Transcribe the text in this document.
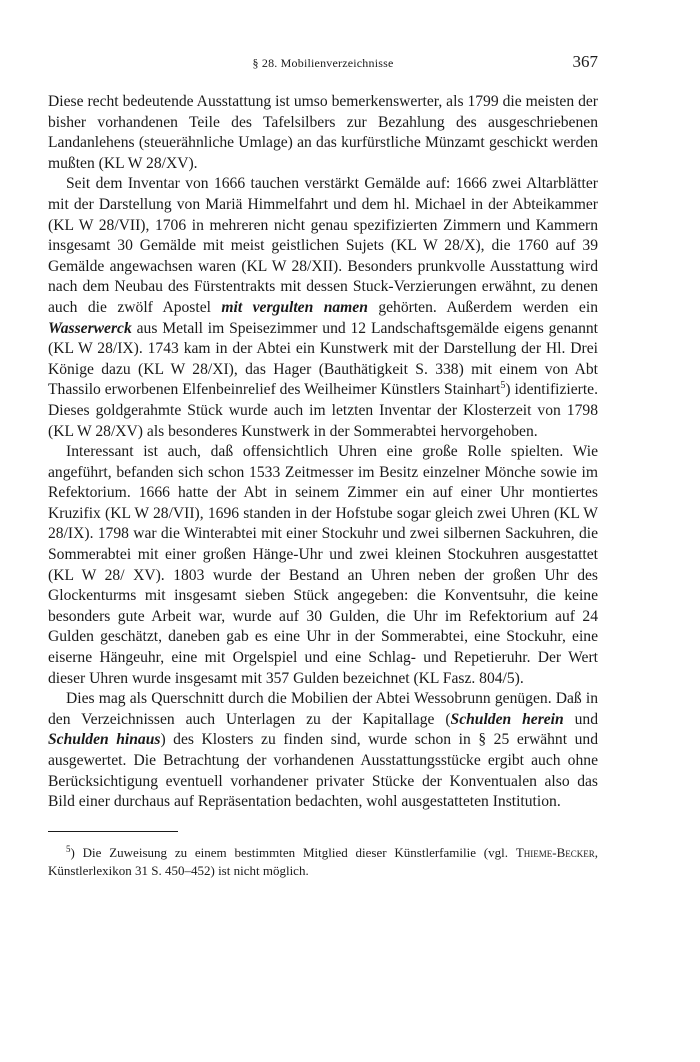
§ 28. Mobilienverzeichnisse	367

Diese recht bedeutende Ausstattung ist umso bemerkenswerter, als 1799 die meisten der bisher vorhandenen Teile des Tafelsilbers zur Bezahlung des ausgeschriebenen Landanlehens (steuerähnliche Umlage) an das kurfürstliche Münzamt geschickt werden mußten (KL W 28/XV).

Seit dem Inventar von 1666 tauchen verstärkt Gemälde auf: 1666 zwei Altarblätter mit der Darstellung von Mariä Himmelfahrt und dem hl. Michael in der Abteikammer (KL W 28/VII), 1706 in mehreren nicht genau spezifizierten Zimmern und Kammern insgesamt 30 Gemälde mit meist geistlichen Sujets (KL W 28/X), die 1760 auf 39 Gemälde angewachsen waren (KL W 28/XII). Besonders prunkvolle Ausstattung wird nach dem Neubau des Fürstentrakts mit dessen Stuck-Verzierungen erwähnt, zu denen auch die zwölf Apostel mit vergulten namen gehörten. Außerdem werden ein Wasserwerck aus Metall im Speisezimmer und 12 Landschaftsgemälde eigens genannt (KL W 28/IX). 1743 kam in der Abtei ein Kunstwerk mit der Darstellung der Hl. Drei Könige dazu (KL W 28/XI), das Hager (Bauthätigkeit S. 338) mit einem von Abt Thassilo erworbenen Elfenbeinrelief des Weilheimer Künstlers Stainhart$^5$) identifizierte. Dieses goldgerahmte Stück wurde auch im letzten Inventar der Klosterzeit von 1798 (KL W 28/XV) als besonderes Kunstwerk in der Sommerabtei hervorgehoben.

Interessant ist auch, daß offensichtlich Uhren eine große Rolle spielten. Wie angeführt, befanden sich schon 1533 Zeitmesser im Besitz einzelner Mönche sowie im Refektorium. 1666 hatte der Abt in seinem Zimmer ein auf einer Uhr montiertes Kruzifix (KL W 28/VII), 1696 standen in der Hofstube sogar gleich zwei Uhren (KL W 28/IX). 1798 war die Winterabtei mit einer Stockuhr und zwei silbernen Sackuhren, die Sommerabtei mit einer großen Hänge-Uhr und zwei kleinen Stockuhren ausgestattet (KL W 28/ XV). 1803 wurde der Bestand an Uhren neben der großen Uhr des Glockenturms mit insgesamt sieben Stück angegeben: die Konventsuhr, die keine besonders gute Arbeit war, wurde auf 30 Gulden, die Uhr im Refektorium auf 24 Gulden geschätzt, daneben gab es eine Uhr in der Sommerabtei, eine Stockuhr, eine eiserne Hängeuhr, eine mit Orgelspiel und eine Schlag- und Repetieruhr. Der Wert dieser Uhren wurde insgesamt mit 357 Gulden bezeichnet (KL Fasz. 804/5).

Dies mag als Querschnitt durch die Mobilien der Abtei Wessobrunn genügen. Daß in den Verzeichnissen auch Unterlagen zu der Kapitallage (Schulden herein und Schulden hinaus) des Klosters zu finden sind, wurde schon in § 25 erwähnt und ausgewertet. Die Betrachtung der vorhandenen Ausstattungsstücke ergibt auch ohne Berücksichtigung eventuell vorhandener privater Stücke der Konventualen also das Bild einer durchaus auf Repräsentation bedachten, wohl ausgestatteten Institution.

$^5$) Die Zuweisung zu einem bestimmten Mitglied dieser Künstlerfamilie (vgl. Thieme-Becker, Künstlerlexikon 31 S. 450–452) ist nicht möglich.
